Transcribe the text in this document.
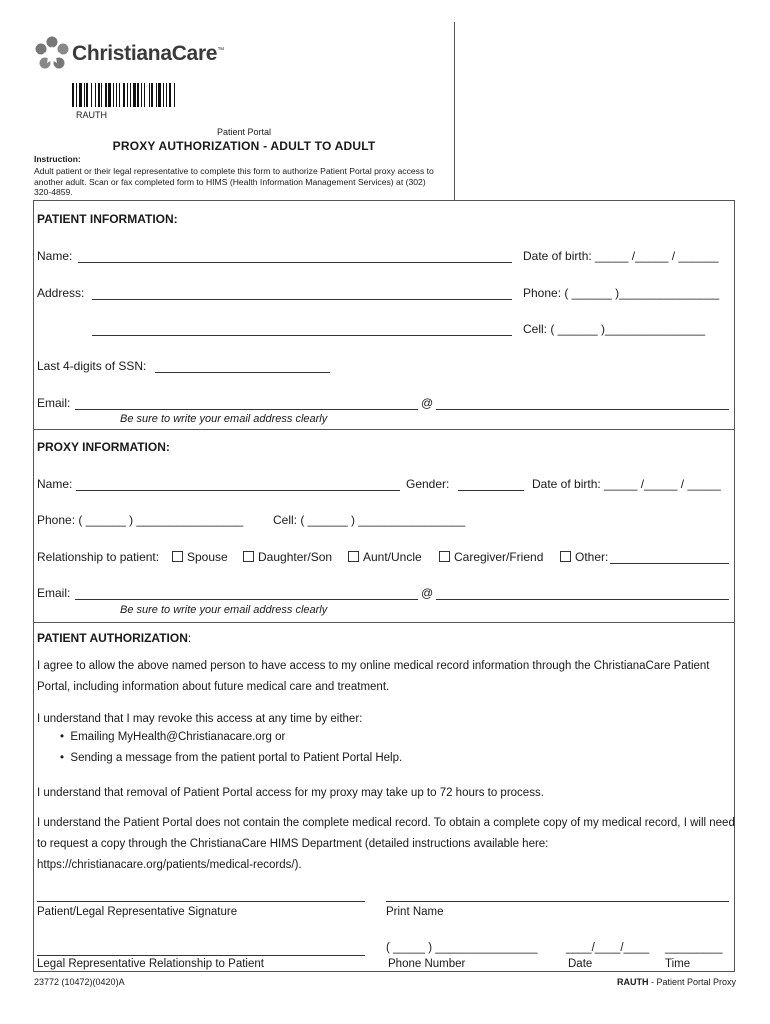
ChristianaCare™
RAUTH
Patient Portal
PROXY AUTHORIZATION - ADULT TO ADULT
Instruction:
Adult patient or their legal representative to complete this form to authorize Patient Portal proxy access to another adult. Scan or fax completed form to HIMS (Health Information Management Services) at (302) 320-4859.
PATIENT INFORMATION:
Name:	Date of birth: _____ /_____ / ______
Address:	Phone: ( ______ )_______________
Cell: ( ______ )_______________
Last 4-digits of SSN:
Email:	@
Be sure to write your email address clearly
PROXY INFORMATION:
Name:	Gender:	Date of birth: _____ /_____ / _____
Phone: ( ______ ) ________________ Cell: ( ______ ) ________________
Relationship to patient:	Spouse	Daughter/Son	Aunt/Uncle	Caregiver/Friend	Other:
Email:	@
Be sure to write your email address clearly
PATIENT AUTHORIZATION:
I agree to allow the above named person to have access to my online medical record information through the ChristianaCare Patient Portal, including information about future medical care and treatment.
I understand that I may revoke this access at any time by either:
•  Emailing MyHealth@Christianacare.org or
•  Sending a message from the patient portal to Patient Portal Help.
I understand that removal of Patient Portal access for my proxy may take up to 72 hours to process.
I understand the Patient Portal does not contain the complete medical record. To obtain a complete copy of my medical record, I will need to request a copy through the ChristianaCare HIMS Department (detailed instructions available here: https://christianacare.org/patients/medical-records/).
Patient/Legal Representative Signature	Print Name
( _____ ) ________________ ____/____/____ _________
Legal Representative Relationship to Patient	Phone Number	Date	Time
23772 (10472)(0420)A	RAUTH - Patient Portal Proxy
